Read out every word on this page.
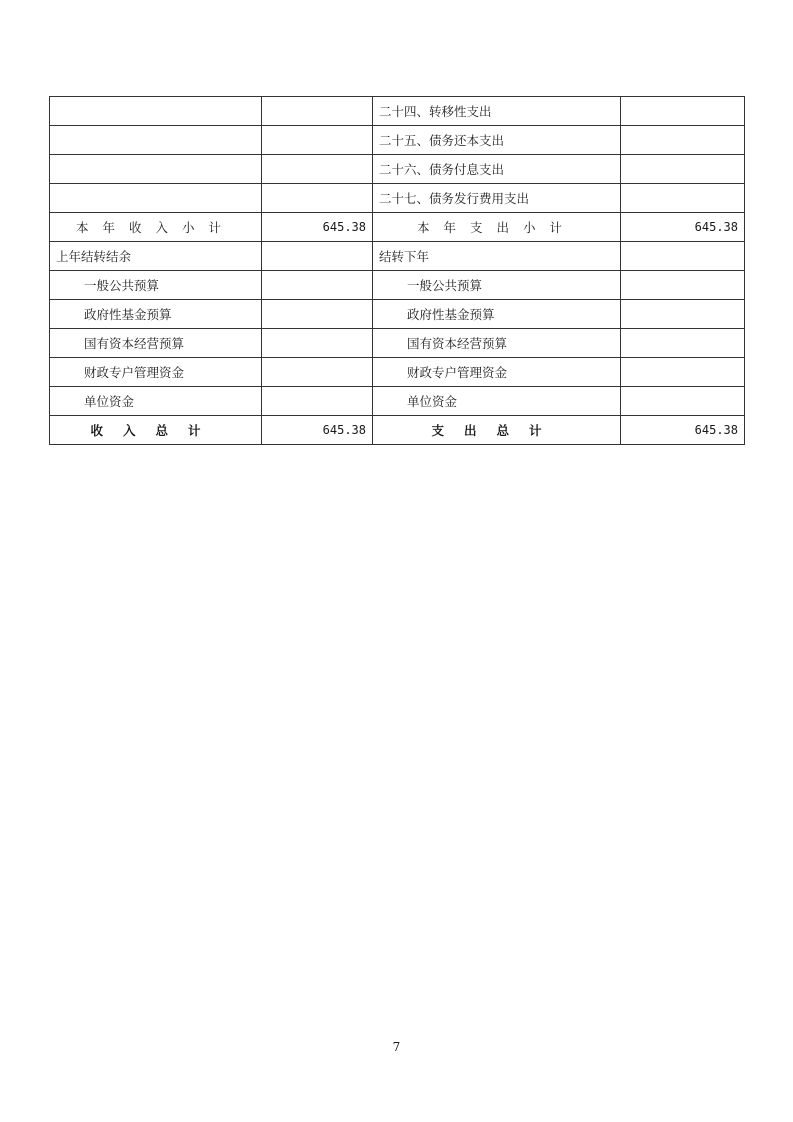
		二十四、转移性支出	
		二十五、债务还本支出	
		二十六、债务付息支出	
		二十七、债务发行费用支出	
本年收入小计	645.38	本年支出小计	645.38
上年结转结余		结转下年	
一般公共预算		一般公共预算	
政府性基金预算		政府性基金预算	
国有资本经营预算		国有资本经营预算	
财政专户管理资金		财政专户管理资金	
单位资金		单位资金	
收入总计	645.38	支出总计	645.38
7
